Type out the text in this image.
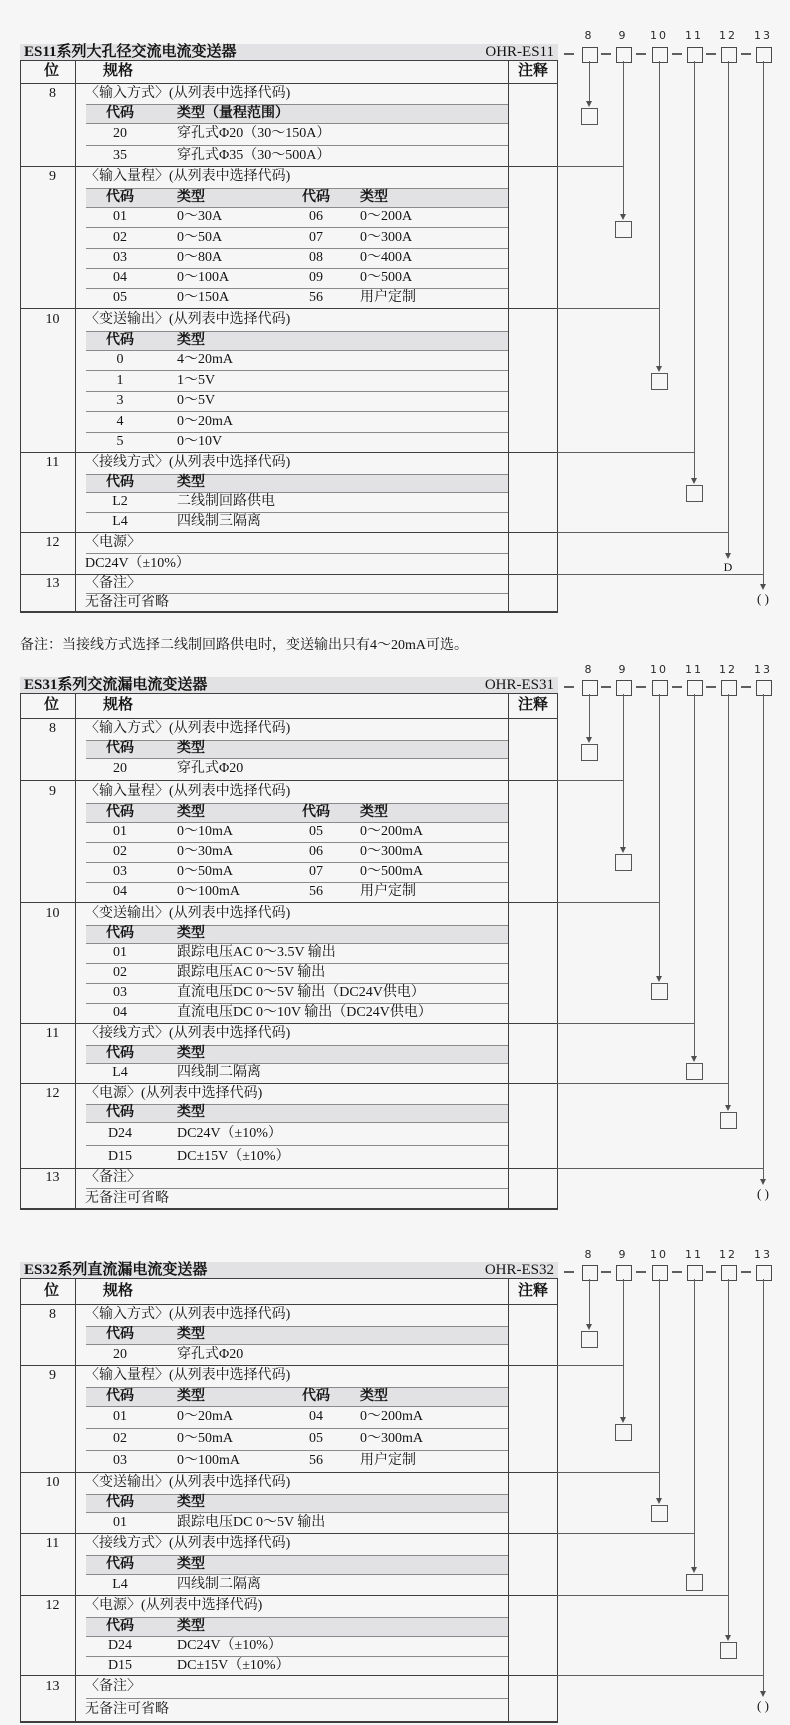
ES11系列大孔径交流电流变送器	OHR-ES11
位	规格	注释
8	〈输入方式〉(从列表中选择代码)
代码	类型（量程范围）
20	穿孔式Φ20（30～150A）
35	穿孔式Φ35（30～500A）
9	〈输入量程〉(从列表中选择代码)
代码	类型	代码	类型
01	0～30A	06	0～200A
02	0～50A	07	0～300A
03	0～80A	08	0～400A
04	0～100A	09	0～500A
05	0～150A	56	用户定制
10	〈变送输出〉(从列表中选择代码)
代码	类型
0	4～20mA
1	1～5V
3	0～5V
4	0～20mA
5	0～10V
11	〈接线方式〉(从列表中选择代码)
代码	类型
L2	二线制回路供电
L4	四线制三隔离
12	〈电源〉
DC24V（±10%）
13	〈备注〉
无备注可省略
8	9	10	11	12
D
13
( )
ES31系列交流漏电流变送器	OHR-ES31
位	规格	注释
8	〈输入方式〉(从列表中选择代码)
代码	类型
20	穿孔式Φ20
9	〈输入量程〉(从列表中选择代码)
代码	类型	代码	类型
01	0～10mA	05	0～200mA
02	0～30mA	06	0～300mA
03	0～50mA	07	0～500mA
04	0～100mA	56	用户定制
10	〈变送输出〉(从列表中选择代码)
代码	类型
01	跟踪电压AC 0～3.5V 输出
02	跟踪电压AC 0～5V 输出
03	直流电压DC 0～5V 输出（DC24V供电）
04	直流电压DC 0～10V 输出（DC24V供电）
11	〈接线方式〉(从列表中选择代码)
代码	类型
L4	四线制二隔离
12	〈电源〉(从列表中选择代码)
代码	类型
D24	DC24V（±10%）
D15	DC±15V（±10%）
13	〈备注〉
无备注可省略
8	9	10	11	12	13
( )
ES32系列直流漏电流变送器	OHR-ES32
位	规格	注释
8	〈输入方式〉(从列表中选择代码)
代码	类型
20	穿孔式Φ20
9	〈输入量程〉(从列表中选择代码)
代码	类型	代码	类型
01	0～20mA	04	0～200mA
02	0～50mA	05	0～300mA
03	0～100mA	56	用户定制
10	〈变送输出〉(从列表中选择代码)
代码	类型
01	跟踪电压DC 0～5V 输出
11	〈接线方式〉(从列表中选择代码)
代码	类型
L4	四线制二隔离
12	〈电源〉(从列表中选择代码)
代码	类型
D24	DC24V（±10%）
D15	DC±15V（±10%）
13	〈备注〉
无备注可省略
8	9	10	11	12	13
( )
备注：当接线方式选择二线制回路供电时，变送输出只有4～20mA可选。
